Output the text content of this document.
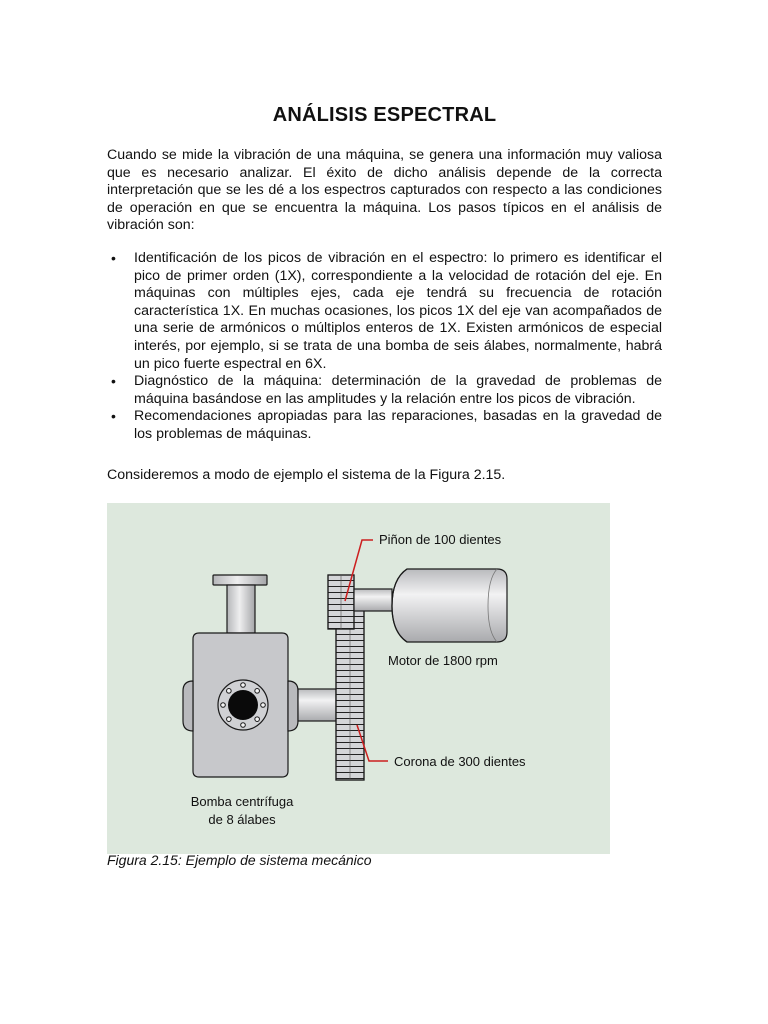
ANÁLISIS ESPECTRAL

Cuando se mide la vibración de una máquina, se genera una información muy valiosa que es necesario analizar. El éxito de dicho análisis depende de la correcta interpretación que se les dé a los espectros capturados con respecto a las condiciones de operación en que se encuentra la máquina. Los pasos típicos en el análisis de vibración son:

• Identificación de los picos de vibración en el espectro: lo primero es identificar el pico de primer orden (1X), correspondiente a la velocidad de rotación del eje. En máquinas con múltiples ejes, cada eje tendrá su frecuencia de rotación característica 1X. En muchas ocasiones, los picos 1X del eje van acompañados de una serie de armónicos o múltiplos enteros de 1X. Existen armónicos de especial interés, por ejemplo, si se trata de una bomba de seis álabes, normalmente, habrá un pico fuerte espectral en 6X.
• Diagnóstico de la máquina: determinación de la gravedad de problemas de máquina basándose en las amplitudes y la relación entre los picos de vibración.
• Recomendaciones apropiadas para las reparaciones, basadas en la gravedad de los problemas de máquinas.

Consideremos a modo de ejemplo el sistema de la Figura 2.15.

Piñon de 100 dientes
Motor de 1800 rpm
Corona de 300 dientes
Bomba centrífuga
de 8 álabes

Figura 2.15: Ejemplo de sistema mecánico
